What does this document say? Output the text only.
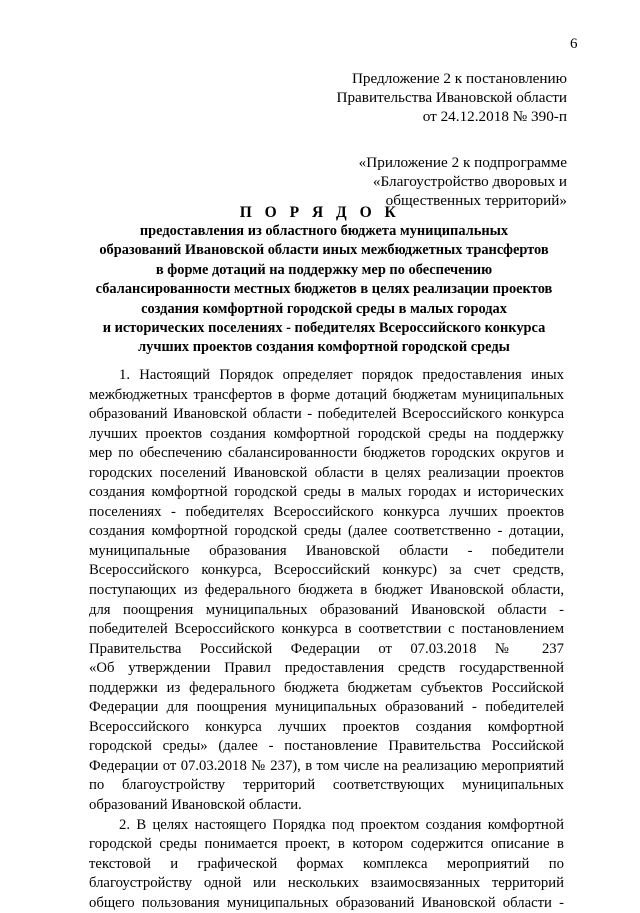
6
Предложение 2 к постановлению
Правительства Ивановской области
от 24.12.2018 № 390-п
«Приложение 2 к подпрограмме
«Благоустройство дворовых и
общественных территорий»
П О Р Я Д О К
предоставления из областного бюджета муниципальных
образований Ивановской области иных межбюджетных трансфертов
в форме дотаций на поддержку мер по обеспечению
сбалансированности местных бюджетов в целях реализации проектов
создания комфортной городской среды в малых городах
и исторических поселениях - победителях Всероссийского конкурса
лучших проектов создания комфортной городской среды
1. Настоящий Порядок определяет порядок предоставления иных
межбюджетных трансфертов в форме дотаций бюджетам муниципальных
образований Ивановской области - победителей Всероссийского конкурса
лучших проектов создания комфортной городской среды на поддержку
мер по обеспечению сбалансированности бюджетов городских округов и
городских поселений Ивановской области в целях реализации проектов
создания комфортной городской среды в малых городах и исторических
поселениях - победителях Всероссийского конкурса лучших проектов
создания комфортной городской среды (далее соответственно - дотации,
муниципальные образования Ивановской области - победители
Всероссийского конкурса, Всероссийский конкурс) за счет средств,
поступающих из федерального бюджета в бюджет Ивановской области,
для поощрения муниципальных образований Ивановской области -
победителей Всероссийского конкурса в соответствии с постановлением
Правительства Российской Федерации от 07.03.2018 № 237
«Об утверждении Правил предоставления средств государственной
поддержки из федерального бюджета бюджетам субъектов Российской
Федерации для поощрения муниципальных образований - победителей
Всероссийского конкурса лучших проектов создания комфортной
городской среды» (далее - постановление Правительства Российской
Федерации от 07.03.2018 № 237), в том числе на реализацию мероприятий
по благоустройству территорий соответствующих муниципальных
образований Ивановской области.
2. В целях настоящего Порядка под проектом создания комфортной
городской среды понимается проект, в котором содержится описание в
текстовой и графической формах комплекса мероприятий по
благоустройству одной или нескольких взаимосвязанных территорий
общего пользования муниципальных образований Ивановской области -
